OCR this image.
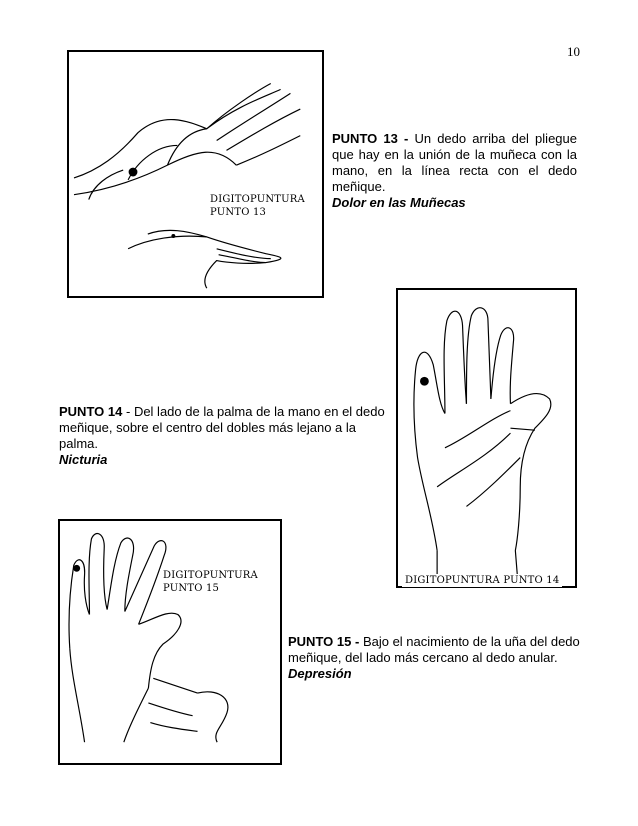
10
DIGITOPUNTURA
PUNTO 13

PUNTO 13 - Un dedo arriba del pliegue que hay en la unión de la muñeca con la mano, en la línea recta con el dedo meñique.

Dolor en las Muñecas
DIGITOPUNTURA PUNTO 14

PUNTO 14 - Del lado de la palma de la mano en el dedo meñique, sobre el centro del dobles más lejano a la palma.

Nicturia
DIGITOPUNTURA
PUNTO 15

PUNTO 15 - Bajo el nacimiento de la uña del dedo meñique, del lado más cercano al dedo anular.

Depresión
